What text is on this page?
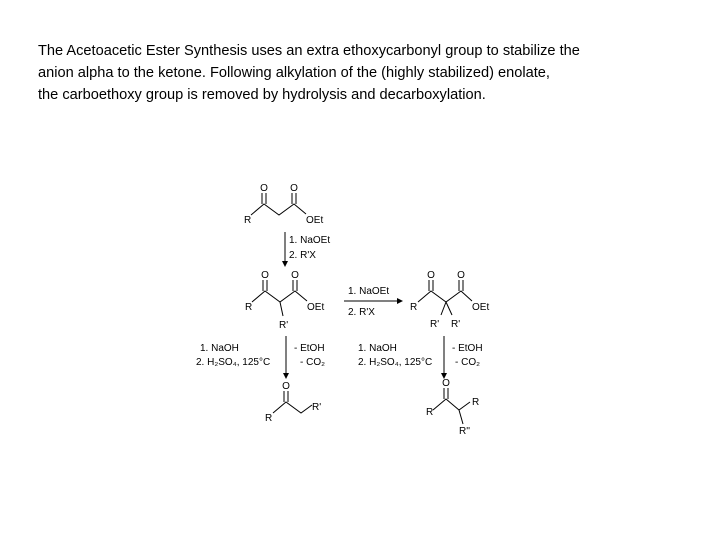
The Acetoacetic Ester Synthesis uses an extra ethoxycarbonyl group to stabilize the
anion alpha to the ketone. Following alkylation of the (highly stabilized) enolate,
the carboethoxy group is removed by hydrolysis and decarboxylation.
O O
R	OEt
1. NaOEt
2. R'X
O O
R	OEt
R'
1. NaOEt
2. R'X
O O
R	OEt
R' R'
1. NaOH
2. H₂SO₄, 125°C
- EtOH
- CO₂
1. NaOH
2. H₂SO₄, 125°C
- EtOH
- CO₂
O
R
R'
O
R
R
R''
